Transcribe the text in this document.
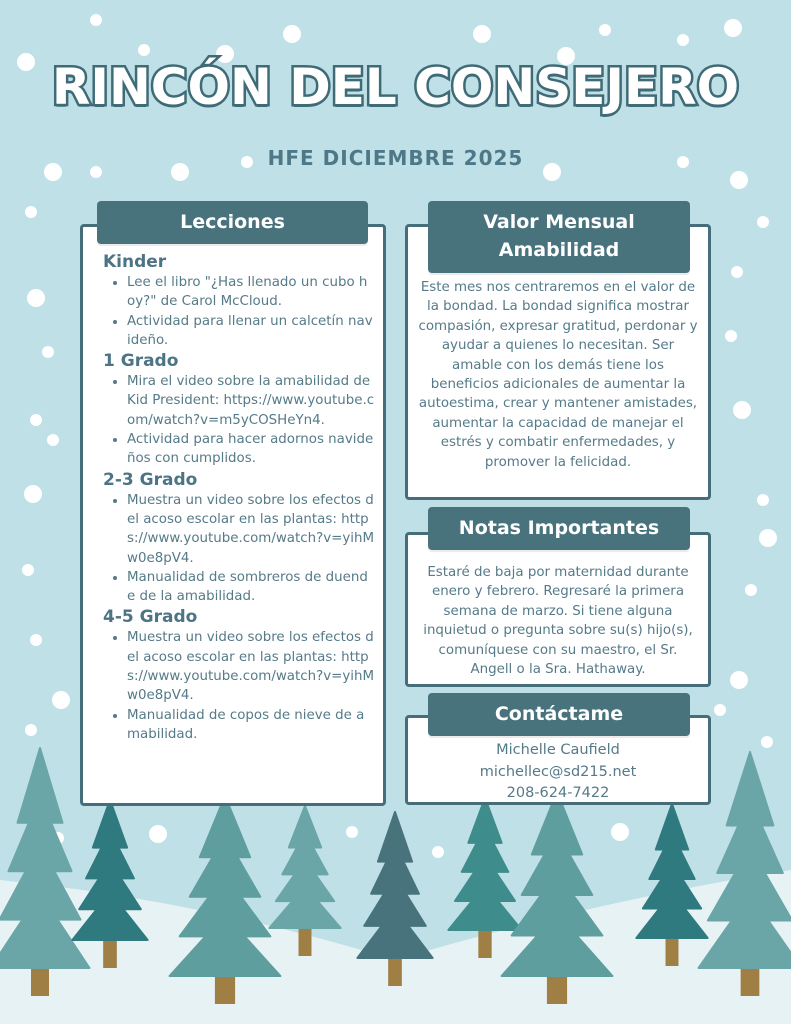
RINCÓN DEL CONSEJERO
HFE DICIEMBRE 2025
Kinder
• Lee el libro "¿Has llenado un cubo hoy?" de Carol McCloud.
• Actividad para llenar un calcetín navideño.
1 Grado
• Mira el video sobre la amabilidad de Kid President: https://www.youtube.com/watch?v=m5yCOSHeYn4.
• Actividad para hacer adornos navideños con cumplidos.
2-3 Grado
• Muestra un video sobre los efectos del acoso escolar en las plantas: https://www.youtube.com/watch?v=yihMw0e8pV4.
• Manualidad de sombreros de duende de la amabilidad.
4-5 Grado
• Muestra un video sobre los efectos del acoso escolar en las plantas: https://www.youtube.com/watch?v=yihMw0e8pV4.
• Manualidad de copos de nieve de amabilidad.
Lecciones
Este mes nos centraremos en el valor de la bondad. La bondad significa mostrar compasión, expresar gratitud, perdonar y ayudar a quienes lo necesitan. Ser amable con los demás tiene los beneficios adicionales de aumentar la autoestima, crear y mantener amistades, aumentar la capacidad de manejar el estrés y combatir enfermedades, y promover la felicidad.
Valor Mensual
Amabilidad
Estaré de baja por maternidad durante enero y febrero. Regresaré la primera semana de marzo. Si tiene alguna inquietud o pregunta sobre su(s) hijo(s), comuníquese con su maestro, el Sr. Angell o la Sra. Hathaway.
Notas Importantes
Michelle Caufield
michellec@sd215.net
208-624-7422
Contáctame
